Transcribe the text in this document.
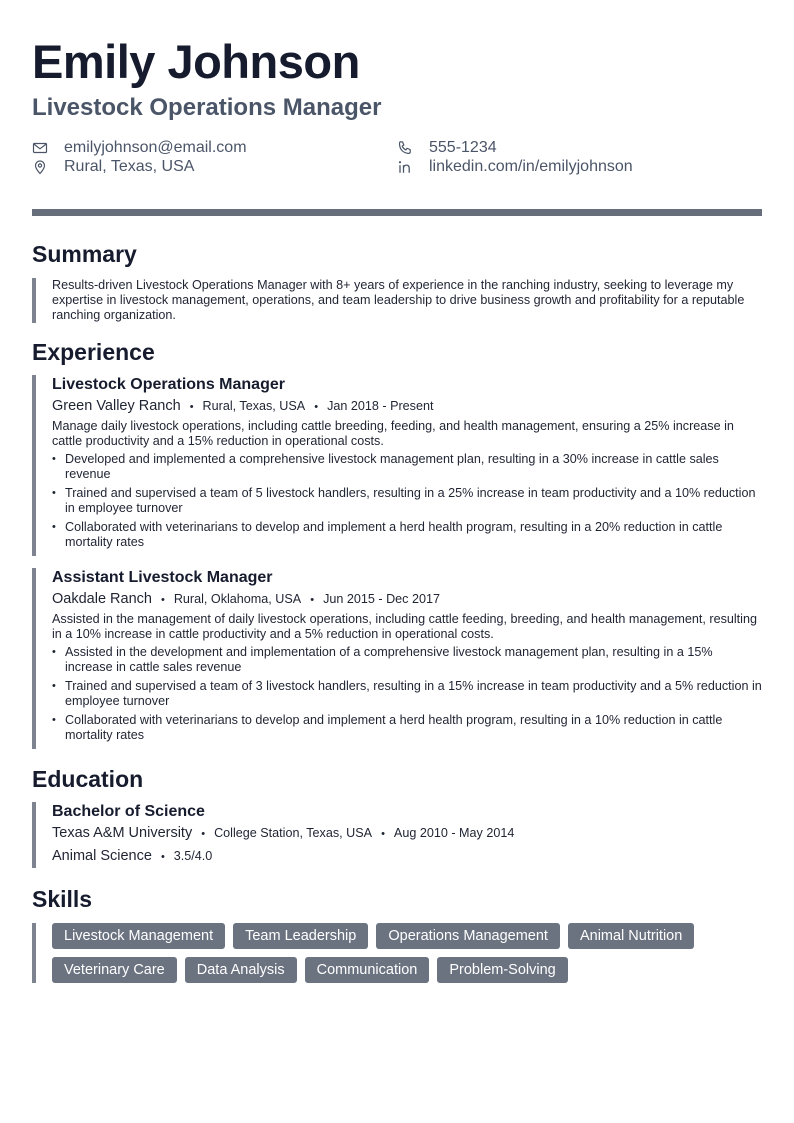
Emily Johnson
Livestock Operations Manager
emilyjohnson@email.com	555-1234
Rural, Texas, USA	linkedin.com/in/emilyjohnson
Summary

Results-driven Livestock Operations Manager with 8+ years of experience in the ranching industry, seeking to leverage my expertise in livestock management, operations, and team leadership to drive business growth and profitability for a reputable ranching organization.

Experience
Livestock Operations Manager
Green Valley Ranch • Rural, Texas, USA • Jan 2018 - Present

Manage daily livestock operations, including cattle breeding, feeding, and health management, ensuring a 25% increase in cattle productivity and a 15% reduction in operational costs.

• Developed and implemented a comprehensive livestock management plan, resulting in a 30% increase in cattle sales revenue
• Trained and supervised a team of 5 livestock handlers, resulting in a 25% increase in team productivity and a 10% reduction in employee turnover
• Collaborated with veterinarians to develop and implement a herd health program, resulting in a 20% reduction in cattle mortality rates
Assistant Livestock Manager
Oakdale Ranch • Rural, Oklahoma, USA • Jun 2015 - Dec 2017

Assisted in the management of daily livestock operations, including cattle feeding, breeding, and health management, resulting in a 10% increase in cattle productivity and a 5% reduction in operational costs.

• Assisted in the development and implementation of a comprehensive livestock management plan, resulting in a 15% increase in cattle sales revenue
• Trained and supervised a team of 3 livestock handlers, resulting in a 15% increase in team productivity and a 5% reduction in employee turnover
• Collaborated with veterinarians to develop and implement a herd health program, resulting in a 10% reduction in cattle mortality rates
Education
Bachelor of Science
Texas A&M University • College Station, Texas, USA • Aug 2010 - May 2014
Animal Science • 3.5/4.0
Skills
Livestock Management	Team Leadership	Operations Management	Animal Nutrition
Veterinary Care	Data Analysis	Communication	Problem-Solving
